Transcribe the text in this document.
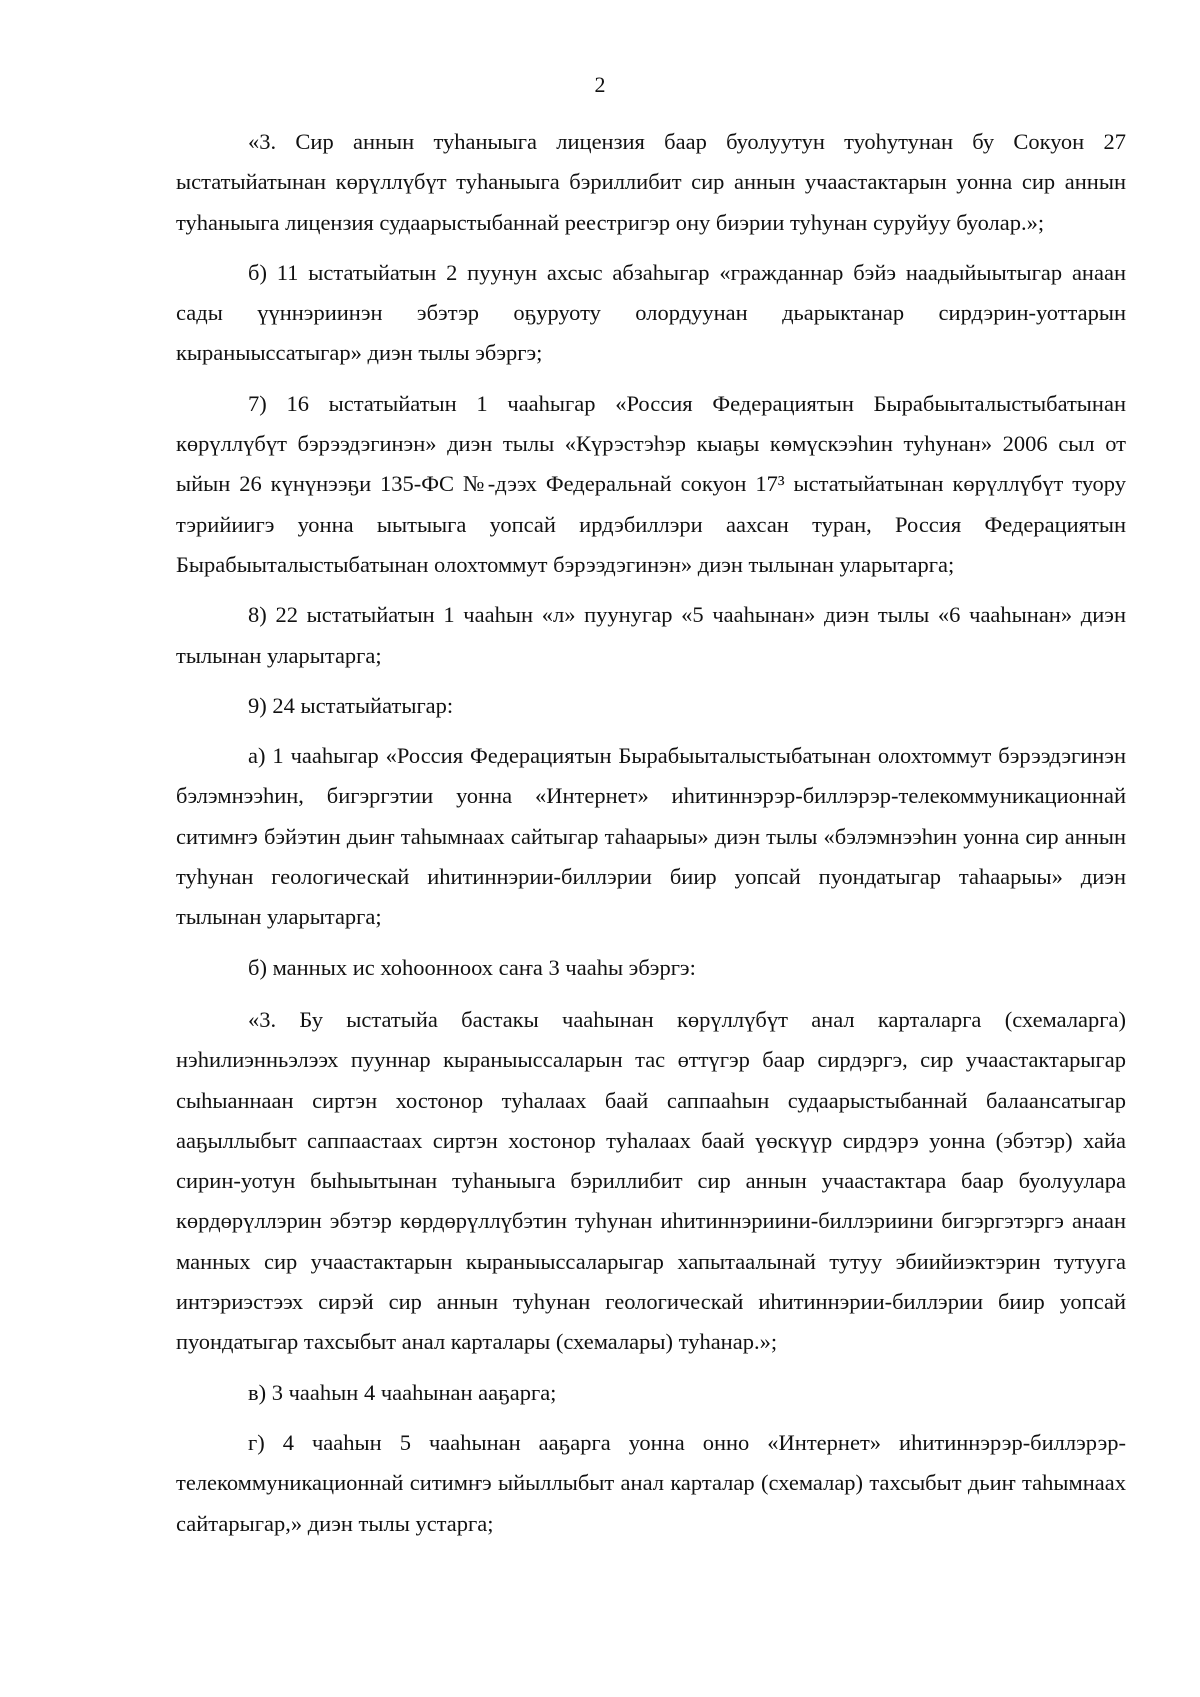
2

«3. Сир аннын туһаныыга лицензия баар буолуутун туоһутунан бу Сокуон 27 ыстатыйатынан көрүллүбүт туһаныыга бэриллибит сир аннын учаастактарын уонна сир аннын туһаныыга лицензия судаарыстыбаннай реестригэр ону биэрии туһунан суруйуу буолар.»;

б) 11 ыстатыйатын 2 пуунун ахсыс абзаһыгар «гражданнар бэйэ наадыйыытыгар анаан сады үүннэриинэн эбэтэр оҕуруоту олордуунан дьарыктанар сирдэрин-уоттарын кыраныыссатыгар» диэн тылы эбэргэ;

7) 16 ыстатыйатын 1 чааһыгар «Россия Федерациятын Бырабыыталыстыбатынан көрүллүбүт бэрээдэгинэн» диэн тылы «Күрэстэһэр кыаҕы көмүскээһин туһунан» 2006 сыл от ыйын 26 күнүнээҕи 135-ФС №-дээх Федеральнай сокуон 17³ ыстатыйатынан көрүллүбүт туору тэрийиигэ уонна ыытыыга уопсай ирдэбиллэри аахсан туран, Россия Федерациятын Бырабыыталыстыбатынан олохтоммут бэрээдэгинэн» диэн тылынан уларытарга;

8) 22 ыстатыйатын 1 чааһын «л» пуунугар «5 чааһынан» диэн тылы «6 чааһынан» диэн тылынан уларытарга;

9) 24 ыстатыйатыгар:

а) 1 чааһыгар «Россия Федерациятын Бырабыыталыстыбатынан олохтоммут бэрээдэгинэн бэлэмнээһин, бигэргэтии уонна «Интернет» иһитиннэрэр-биллэрэр-телекоммуникационнай ситимҥэ бэйэтин дьиҥ таһымнаах сайтыгар таһаарыы» диэн тылы «бэлэмнээһин уонна сир аннын туһунан геологическай иһитиннэрии-биллэрии биир уопсай пуондатыгар таһаарыы» диэн тылынан уларытарга;

б) манных ис хоһоонноох саҥа 3 чааһы эбэргэ:

«3. Бу ыстатыйа бастакы чааһынан көрүллүбүт анал карталарга (схемаларга) нэһилиэнньэлээх пууннар кыраныыссаларын тас өттүгэр баар сирдэргэ, сир учаастактарыгар сыһыаннаан сиртэн хостонор туһалаах баай саппааһын судаарыстыбаннай балаансатыгар ааҕыллыбыт саппаастаах сиртэн хостонор туһалаах баай үөскүүр сирдэрэ уонна (эбэтэр) хайа сирин-уотун быһыытынан туһаныыга бэриллибит сир аннын учаастактара баар буолуулара көрдөрүллэрин эбэтэр көрдөрүллүбэтин туһунан иһитиннэриини-биллэриини бигэргэтэргэ анаан манных сир учаастактарын кыраныыссаларыгар хапытаалынай тутуу эбиийиэктэрин тутууга интэриэстээх сирэй сир аннын туһунан геологическай иһитиннэрии-биллэрии биир уопсай пуондатыгар тахсыбыт анал карталары (схемалары) туһанар.»;

в) 3 чааһын 4 чааһынан ааҕарга;

г) 4 чааһын 5 чааһынан ааҕарга уонна онно «Интернет» иһитиннэрэр-биллэрэр-телекоммуникационнай ситимҥэ ыйыллыбыт анал карталар (схемалар) тахсыбыт дьиҥ таһымнаах сайтарыгар,» диэн тылы устарга;
